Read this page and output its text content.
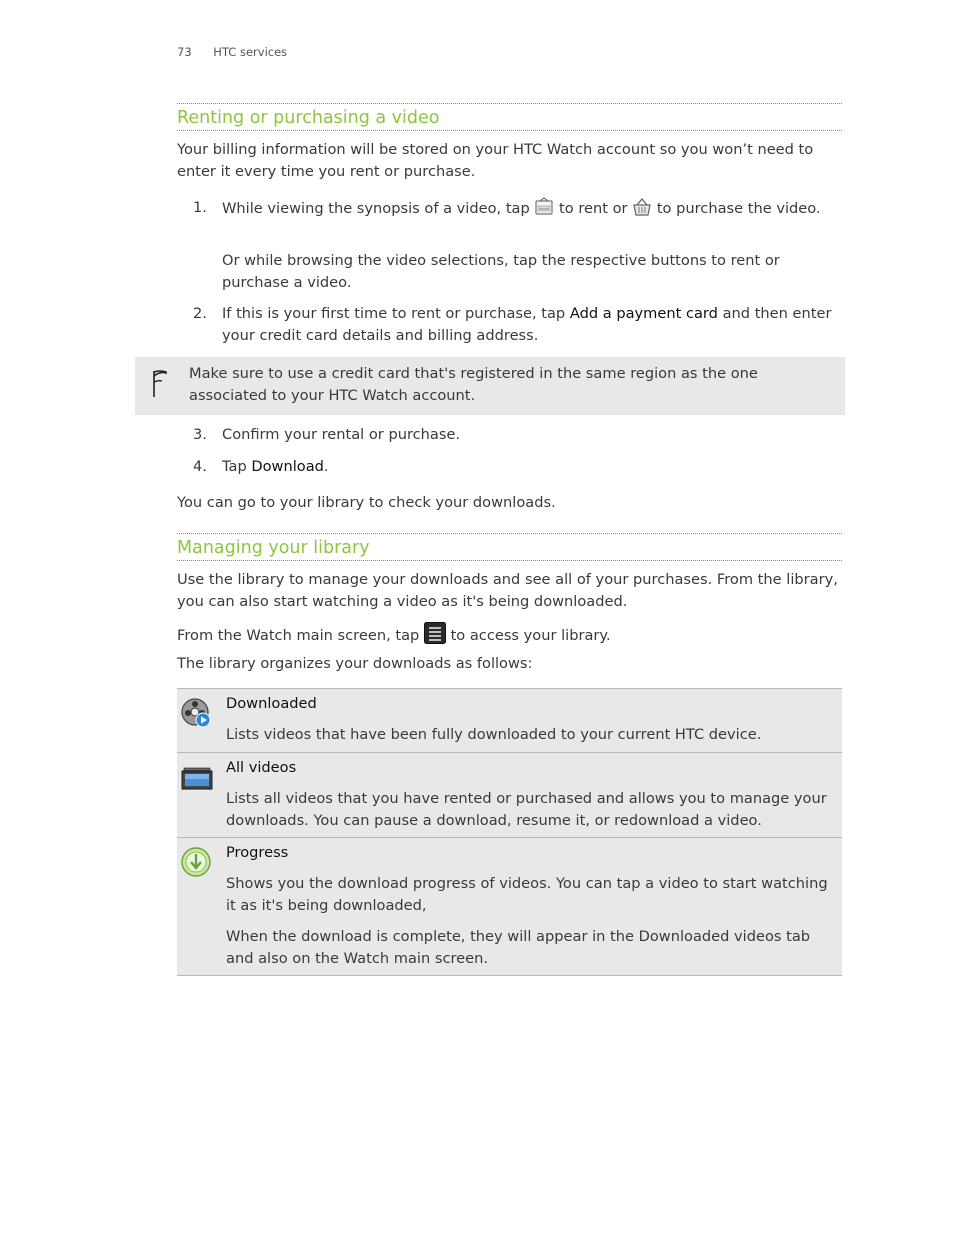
73 HTC services
Renting or purchasing a video
Your billing information will be stored on your HTC Watch account so you won’t need to enter it every time you rent or purchase.
1. While viewing the synopsis of a video, tap to rent or to purchase the video.
Or while browsing the video selections, tap the respective buttons to rent or purchase a video.
2. If this is your first time to rent or purchase, tap Add a payment card and then enter your credit card details and billing address.
Make sure to use a credit card that's registered in the same region as the one associated to your HTC Watch account.
3. Confirm your rental or purchase.
4. Tap Download.
You can go to your library to check your downloads.
Managing your library
Use the library to manage your downloads and see all of your purchases. From the library, you can also start watching a video as it's being downloaded.
From the Watch main screen, tap to access your library.
The library organizes your downloads as follows:
Downloaded
Lists videos that have been fully downloaded to your current HTC device.
All videos
Lists all videos that you have rented or purchased and allows you to manage your downloads. You can pause a download, resume it, or redownload a video.
Progress
Shows you the download progress of videos. You can tap a video to start watching it as it's being downloaded,
When the download is complete, they will appear in the Downloaded videos tab and also on the Watch main screen.
